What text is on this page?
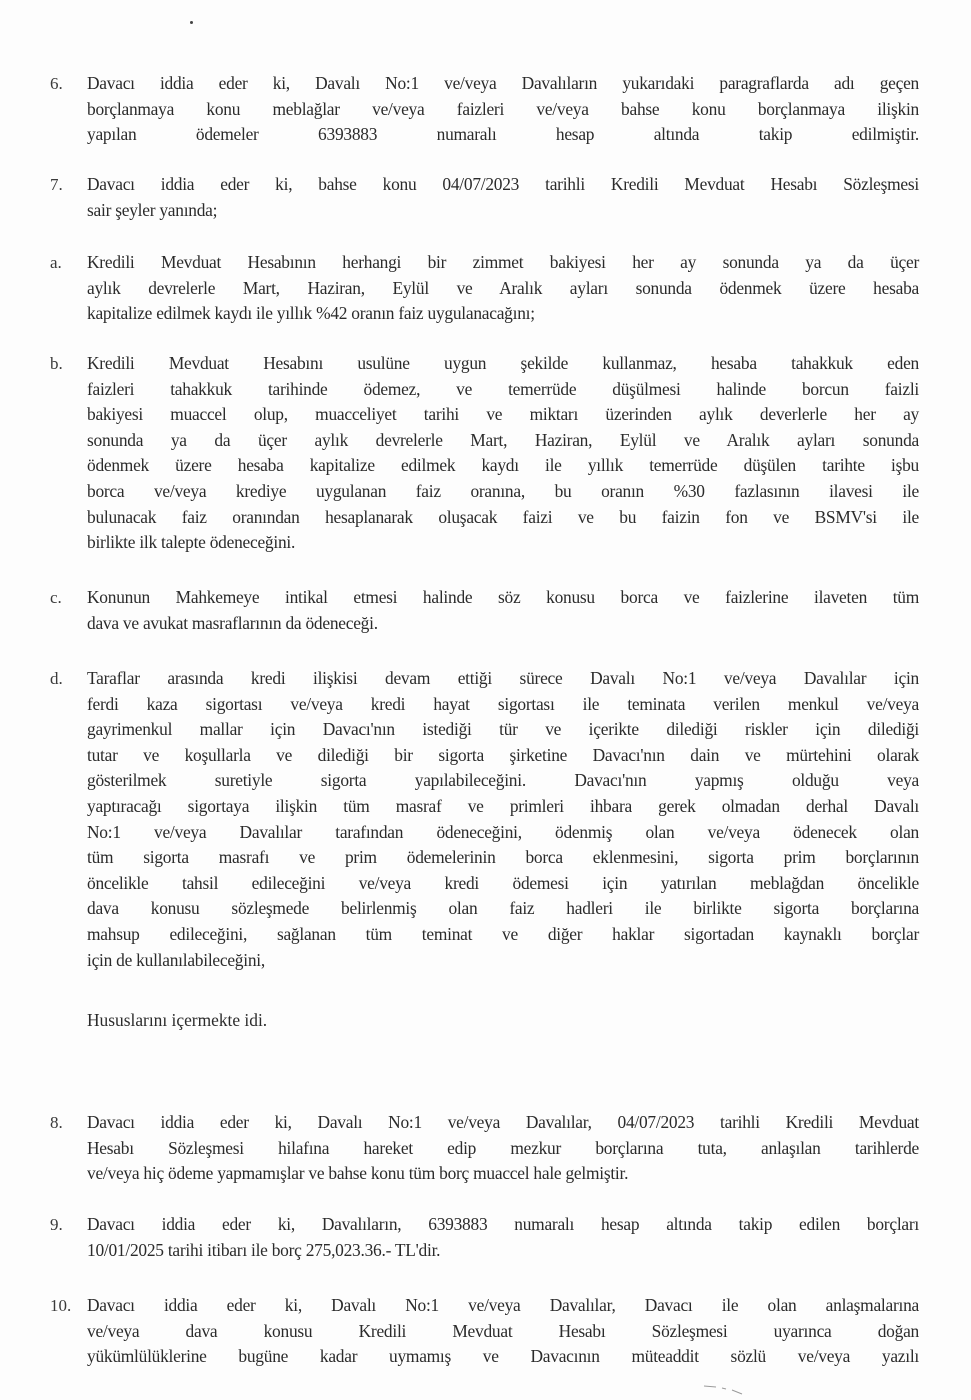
6.	Davacı iddia eder ki, Davalı No:1 ve/veya Davalıların yukarıdaki paragraflarda adı geçen
borçlanmaya konu meblağlar ve/veya faizleri ve/veya bahse konu borçlanmaya ilişkin
yapılan ödemeler 6393883 numaralı hesap altında takip edilmiştir.
7.	Davacı iddia eder ki, bahse konu 04/07/2023 tarihli Kredili Mevduat Hesabı Sözleşmesi
sair şeyler yanında;
a.	Kredili Mevduat Hesabının herhangi bir zimmet bakiyesi her ay sonunda ya da üçer
aylık devrelerle Mart, Haziran, Eylül ve Aralık ayları sonunda ödenmek üzere hesaba
kapitalize edilmek kaydı ile yıllık %42 oranın faiz uygulanacağını;
b.	Kredili Mevduat Hesabını usulüne uygun şekilde kullanmaz, hesaba tahakkuk eden
faizleri tahakkuk tarihinde ödemez, ve temerrüde düşülmesi halinde borcun faizli
bakiyesi muaccel olup, muacceliyet tarihi ve miktarı üzerinden aylık deverlerle her ay
sonunda ya da üçer aylık devrelerle Mart, Haziran, Eylül ve Aralık ayları sonunda
ödenmek üzere hesaba kapitalize edilmek kaydı ile yıllık temerrüde düşülen tarihte işbu
borca ve/veya krediye uygulanan faiz oranına, bu oranın %30 fazlasının ilavesi ile
bulunacak faiz oranından hesaplanarak oluşacak faizi ve bu faizin fon ve BSMV'si ile
birlikte ilk talepte ödeneceğini.
c.	Konunun Mahkemeye intikal etmesi halinde söz konusu borca ve faizlerine ilaveten tüm
dava ve avukat masraflarının da ödeneceği.
d.	Taraflar arasında kredi ilişkisi devam ettiği sürece Davalı No:1 ve/veya Davalılar için
ferdi kaza sigortası ve/veya kredi hayat sigortası ile teminata verilen menkul ve/veya
gayrimenkul mallar için Davacı'nın istediği tür ve içerikte dilediği riskler için dilediği
tutar ve koşullarla ve dilediği bir sigorta şirketine Davacı'nın dain ve mürtehini olarak
gösterilmek suretiyle sigorta yapılabileceğini. Davacı'nın yapmış olduğu veya
yaptıracağı sigortaya ilişkin tüm masraf ve primleri ihbara gerek olmadan derhal Davalı
No:1 ve/veya Davalılar tarafından ödeneceğini, ödenmiş olan ve/veya ödenecek olan
tüm sigorta masrafı ve prim ödemelerinin borca eklenmesini, sigorta prim borçlarının
öncelikle tahsil edileceğini ve/veya kredi ödemesi için yatırılan meblağdan öncelikle
dava konusu sözleşmede belirlenmiş olan faiz hadleri ile birlikte sigorta borçlarına
mahsup edileceğini, sağlanan tüm teminat ve diğer haklar sigortadan kaynaklı borçlar
için de kullanılabileceğini,
Hususlarını içermekte idi.
8.	Davacı iddia eder ki, Davalı No:1 ve/veya Davalılar, 04/07/2023 tarihli Kredili Mevduat
Hesabı Sözleşmesi hilafına hareket edip mezkur borçlarına tuta, anlaşılan tarihlerde
ve/veya hiç ödeme yapmamışlar ve bahse konu tüm borç muaccel hale gelmiştir.
9.	Davacı iddia eder ki, Davalıların, 6393883 numaralı hesap altında takip edilen borçları
10/01/2025 tarihi itibarı ile borç 275,023.36.- TL'dir.
10. Davacı iddia eder ki, Davalı No:1 ve/veya Davalılar, Davacı ile olan anlaşmalarına
ve/veya dava konusu Kredili Mevduat Hesabı Sözleşmesi uyarınca doğan
yükümlülüklerine bugüne kadar uymamış ve Davacının müteaddit sözlü ve/veya yazılı
